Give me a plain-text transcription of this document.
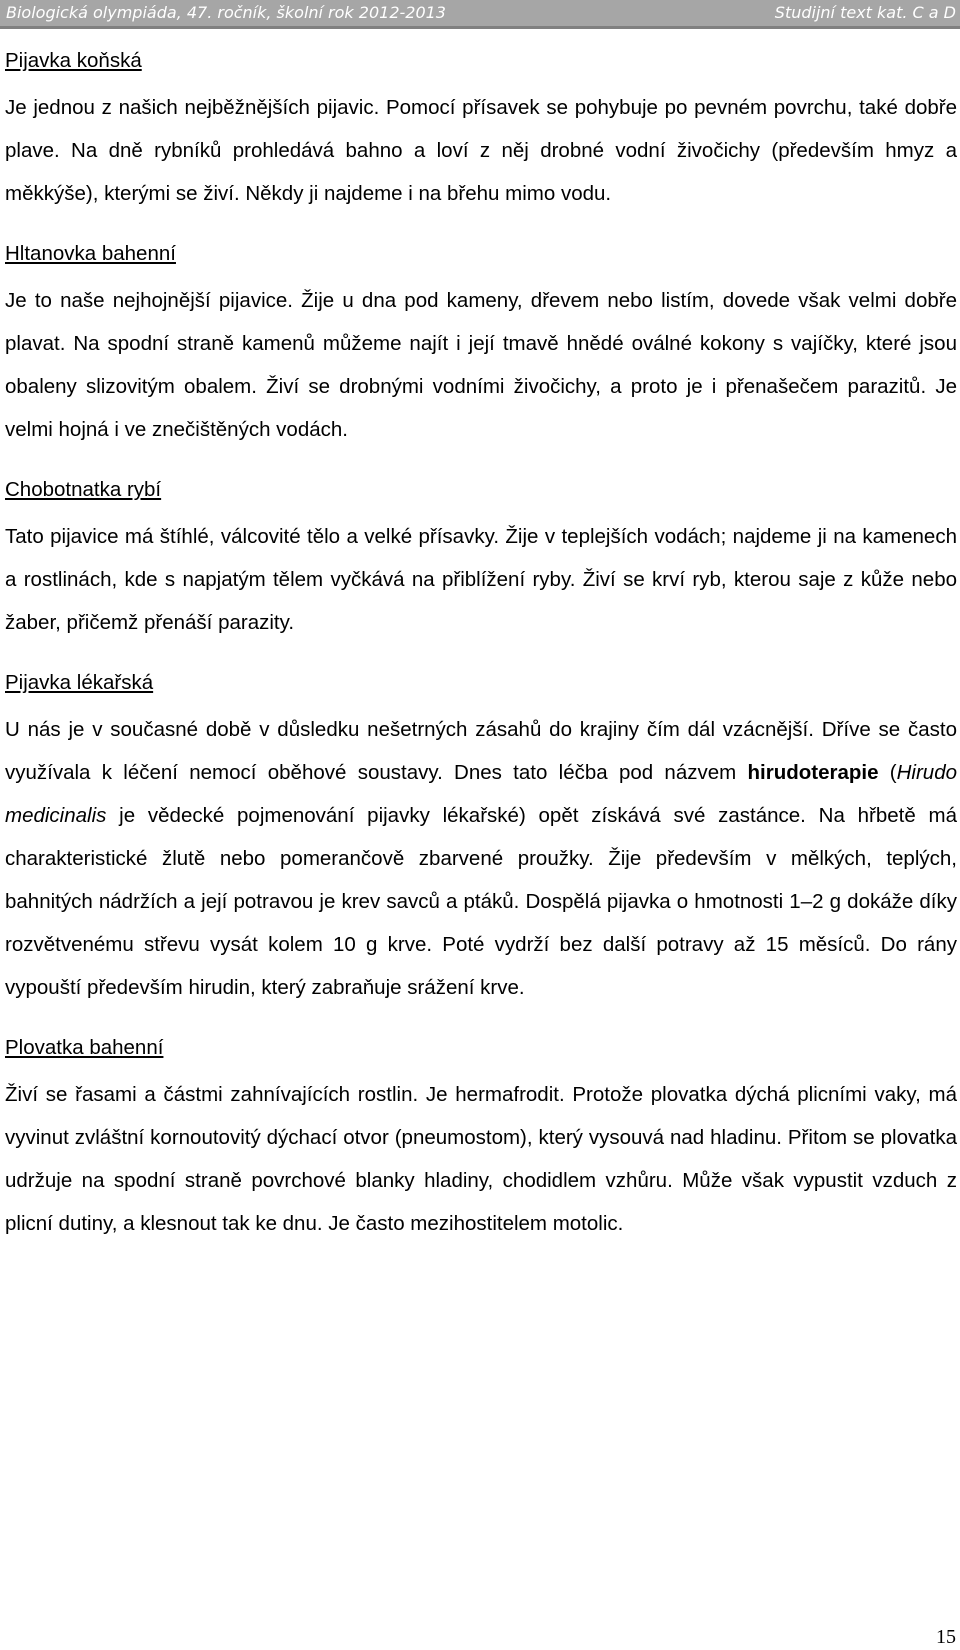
Biologická olympiáda, 47. ročník, školní rok 2012-2013	Studijní text kat. C a D
Pijavka koňská
Je jednou z našich nejběžnějších pijavic. Pomocí přísavek se pohybuje po pevném povrchu, také dobře plave. Na dně rybníků prohledává bahno a loví z něj drobné vodní živočichy (především hmyz a měkkýše), kterými se živí. Někdy ji najdeme i na břehu mimo vodu.
Hltanovka bahenní
Je to naše nejhojnější pijavice. Žije u dna pod kameny, dřevem nebo listím, dovede však velmi dobře plavat. Na spodní straně kamenů můžeme najít i její tmavě hnědé oválné kokony s vajíčky, které jsou obaleny slizovitým obalem. Živí se drobnými vodními živočichy, a proto je i přenašečem parazitů. Je velmi hojná i ve znečištěných vodách.
Chobotnatka rybí
Tato pijavice má štíhlé, válcovité tělo a velké přísavky. Žije v teplejších vodách; najdeme ji na kamenech a rostlinách, kde s napjatým tělem vyčkává na přiblížení ryby. Živí se krví ryb, kterou saje z kůže nebo žaber, přičemž přenáší parazity.
Pijavka lékařská
U nás je v současné době v důsledku nešetrných zásahů do krajiny čím dál vzácnější. Dříve se často využívala k léčení nemocí oběhové soustavy. Dnes tato léčba pod názvem hirudoterapie (Hirudo medicinalis je vědecké pojmenování pijavky lékařské) opět získává své zastánce. Na hřbetě má charakteristické žlutě nebo pomerančově zbarvené proužky. Žije především v mělkých, teplých, bahnitých nádržích a její potravou je krev savců a ptáků. Dospělá pijavka o hmotnosti 1–2 g dokáže díky rozvětvenému střevu vysát kolem 10 g krve. Poté vydrží bez další potravy až 15 měsíců. Do rány vypouští především hirudin, který zabraňuje srážení krve.
Plovatka bahenní
Živí se řasami a částmi zahnívajících rostlin. Je hermafrodit. Protože plovatka dýchá plicními vaky, má vyvinut zvláštní kornoutovitý dýchací otvor (pneumostom), který vysouvá nad hladinu. Přitom se plovatka udržuje na spodní straně povrchové blanky hladiny, chodidlem vzhůru. Může však vypustit vzduch z plicní dutiny, a klesnout tak ke dnu. Je často mezihostitelem motolic.
15
